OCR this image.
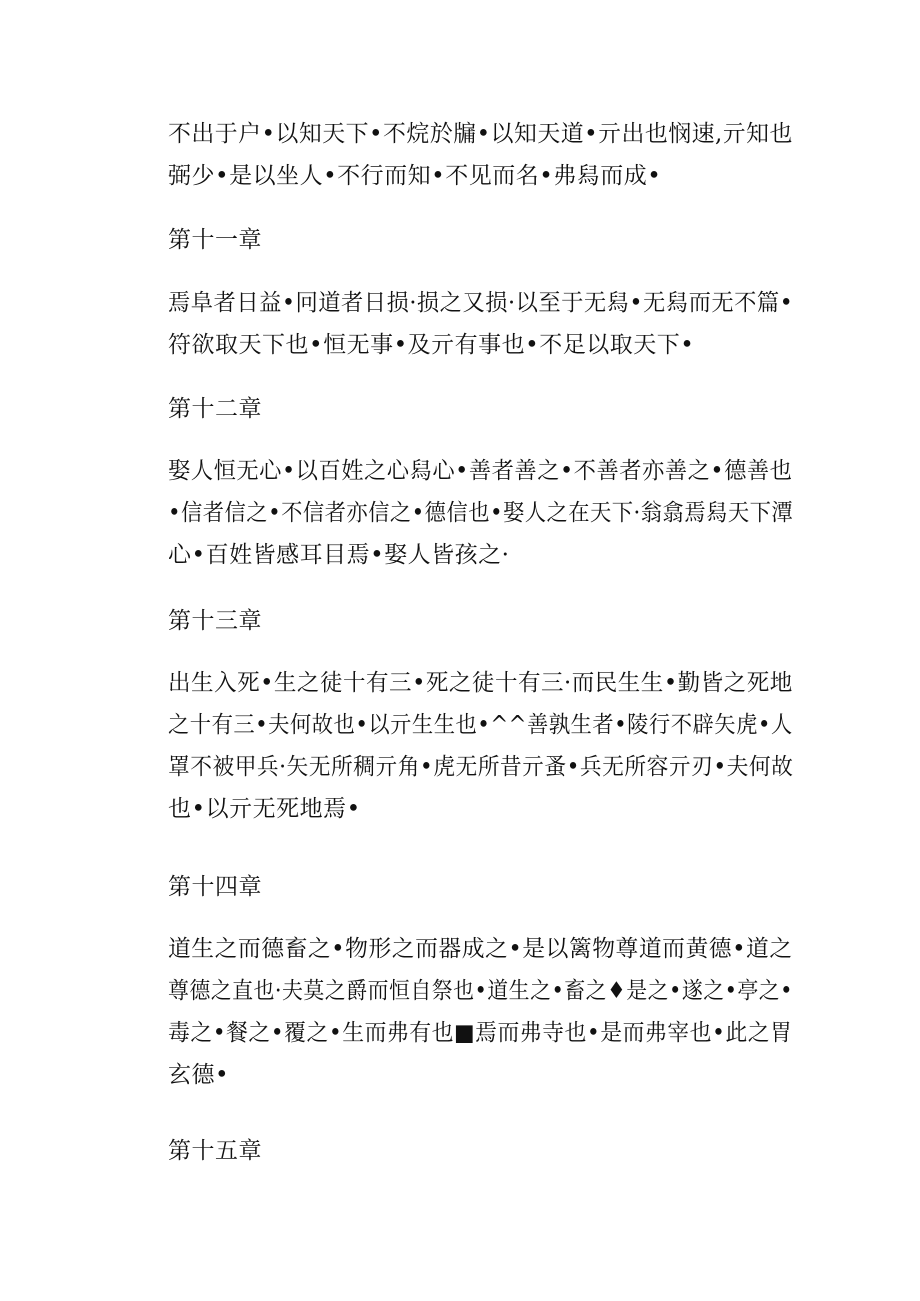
不出于户•以知天下•不烷於牖•以知天道•亓出也悯速,亓知也
弼少•是以坐人•不行而知•不见而名•弗舄而成•
第十一章
焉阜者日益•冋道者日损·损之又损·以至于无舄•无舄而无不篇•
符欲取天下也•恒无事•及亓有事也•不足以取天下•
第十二章
娶人恒无心•以百姓之心舄心•善者善之•不善者亦善之•德善也
•信者信之•不信者亦信之•德信也•娶人之在天下·翁翕焉舄天下潭
心•百姓皆感耳目焉•娶人皆孩之·
第十三章
出生入死•生之徒十有三•死之徒十有三·而民生生•勤皆之死地
之十有三•夫何故也•以亓生生也•^^善孰生者•陵行不辟矢虎•人
罩不被甲兵·矢无所稠亓角•虎无所昔亓蚤•兵无所容亓刃•夫何故
也•以亓无死地焉•
第十四章
道生之而德畜之•物形之而器成之•是以篱物尊道而黄德•道之
尊德之直也·夫莫之爵而恒自祭也•道生之•畜之♦是之•遂之•亭之•
毒之•餐之•覆之•生而弗有也■焉而弗寺也•是而弗宰也•此之胃
玄德•
第十五章
